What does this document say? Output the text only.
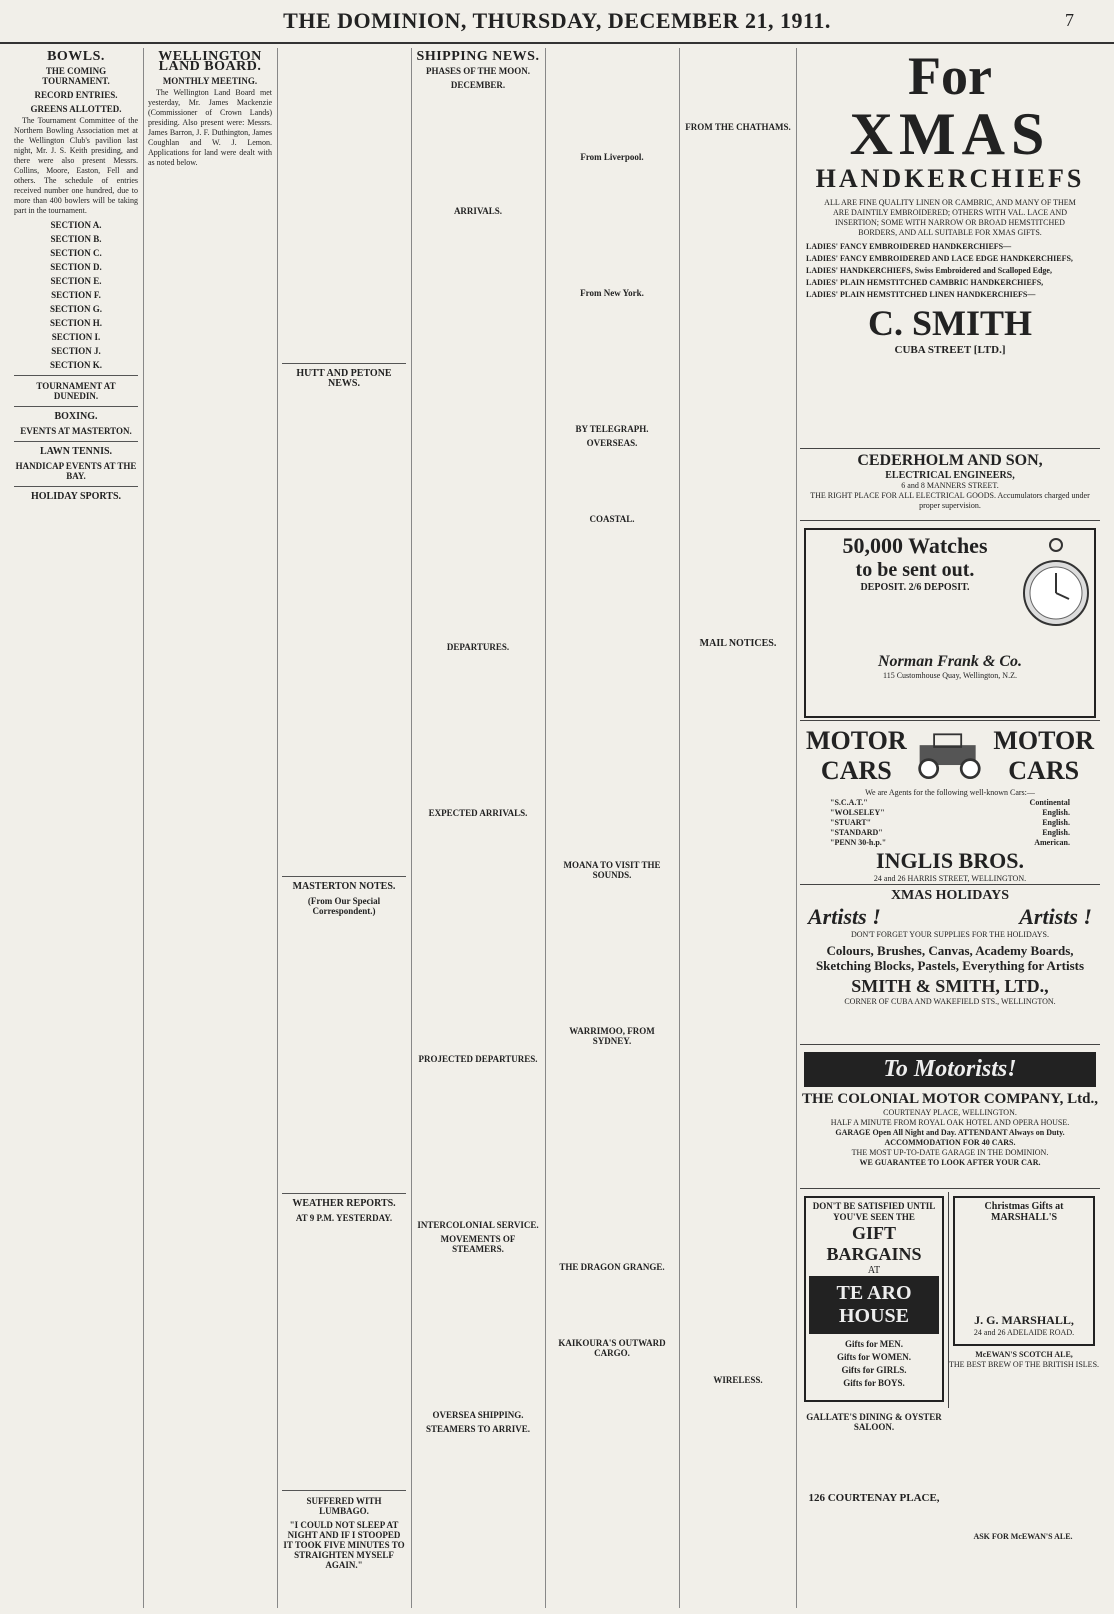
THE DOMINION, THURSDAY, DECEMBER 21, 1911.	7
BOWLS.
THE COMING TOURNAMENT.
RECORD ENTRIES.
GREENS ALLOTTED.

The Tournament Committee of the Northern Bowling Association met at the Wellington Club's pavilion last night, Mr. J. S. Keith presiding, and there were also present Messrs. Collins, Moore, Easton, Fell and others. The schedule of entries received number one hundred, due to more than 400 bowlers will be taking part in the tournament.

SECTION A.
SECTION B.
SECTION C.
SECTION D.
SECTION E.
SECTION F.
SECTION G.
SECTION H.
SECTION I.
SECTION J.
SECTION K.
TOURNAMENT AT DUNEDIN.
BOXING.
EVENTS AT MASTERTON.
LAWN TENNIS.
HANDICAP EVENTS AT THE BAY.
HOLIDAY SPORTS.
WELLINGTON LAND BOARD.
MONTHLY MEETING.

The Wellington Land Board met yesterday, Mr. James Mackenzie (Commissioner of Crown Lands) presiding. Also present were: Messrs. James Barron, J. F. Duthington, James Coughlan and W. J. Lemon. Applications for land were dealt with as noted below.

HUTT AND PETONE NEWS.
MASTERTON NOTES.
(From Our Special Correspondent.)
WEATHER REPORTS.
AT 9 P.M. YESTERDAY.
SUFFERED WITH LUMBAGO.
"I COULD NOT SLEEP AT NIGHT AND IF I STOOPED IT TOOK FIVE MINUTES TO STRAIGHTEN MYSELF AGAIN."
SHIPPING NEWS.
PHASES OF THE MOON.
DECEMBER.
ARRIVALS.
DEPARTURES.
EXPECTED ARRIVALS.
PROJECTED DEPARTURES.
INTERCOLONIAL SERVICE.
MOVEMENTS OF STEAMERS.
OVERSEA SHIPPING.
STEAMERS TO ARRIVE.
From Liverpool.
From New York.
BY TELEGRAPH.
OVERSEAS.
COASTAL.
MOANA TO VISIT THE SOUNDS.
WARRIMOO, FROM SYDNEY.
THE DRAGON GRANGE.
KAIKOURA'S OUTWARD CARGO.
FROM THE CHATHAMS.
MAIL NOTICES.
WIRELESS.
For
XMAS
HANDKERCHIEFS
ALL ARE FINE QUALITY LINEN OR CAMBRIC, AND MANY OF THEM ARE DAINTILY EMBROIDERED; OTHERS WITH VAL. LACE AND INSERTION; SOME WITH NARROW OR BROAD HEMSTITCHED BORDERS, AND ALL SUITABLE FOR XMAS GIFTS.
LADIES' FANCY EMBROIDERED HANDKERCHIEFS—
LADIES' FANCY EMBROIDERED AND LACE EDGE HANDKERCHIEFS,
LADIES' HANDKERCHIEFS, Swiss Embroidered and Scalloped Edge,
LADIES' PLAIN HEMSTITCHED CAMBRIC HANDKERCHIEFS,
LADIES' PLAIN HEMSTITCHED LINEN HANDKERCHIEFS—
C. SMITH
CUBA STREET [LTD.]
CEDERHOLM AND SON,
ELECTRICAL ENGINEERS,
6 and 8 MANNERS STREET.
THE RIGHT PLACE FOR ALL ELECTRICAL GOODS. Accumulators charged under proper supervision.
50,000 Watches
to be sent out.
DEPOSIT. 2/6 DEPOSIT.
Norman Frank & Co.
115 Customhouse Quay, Wellington, N.Z.
MOTOR
CARS
MOTOR
CARS
We are Agents for the following well-known Cars:—
"S.C.A.T."	Continental
"WOLSELEY"	English.
"STUART"	English.
"STANDARD"	English.
"PENN 30-h.p."	American.
INGLIS BROS.
24 and 26 HARRIS STREET, WELLINGTON.
XMAS HOLIDAYS
Artists !	Artists !
DON'T FORGET YOUR SUPPLIES FOR THE HOLIDAYS.
Colours, Brushes, Canvas, Academy Boards, Sketching Blocks, Pastels, Everything for Artists
SMITH & SMITH, LTD.,
CORNER OF CUBA AND WAKEFIELD STS., WELLINGTON.
To Motorists!
THE COLONIAL MOTOR COMPANY, Ltd.,
COURTENAY PLACE, WELLINGTON.
HALF A MINUTE FROM ROYAL OAK HOTEL AND OPERA HOUSE.
GARAGE Open All Night and Day. ATTENDANT Always on Duty.
ACCOMMODATION FOR 40 CARS.
THE MOST UP-TO-DATE GARAGE IN THE DOMINION.
WE GUARANTEE TO LOOK AFTER YOUR CAR.
DON'T BE SATISFIED UNTIL YOU'VE SEEN THE
GIFT BARGAINS
AT
TE ARO HOUSE
Gifts for MEN.
Gifts for WOMEN.
Gifts for GIRLS.
Gifts for BOYS.
Christmas Gifts at MARSHALL'S
J. G. MARSHALL,
24 and 26 ADELAIDE ROAD.
McEWAN'S SCOTCH ALE,
THE BEST BREW OF THE BRITISH ISLES.
GALLATE'S DINING & OYSTER SALOON.
126 COURTENAY PLACE,
ASK FOR McEWAN'S ALE.
